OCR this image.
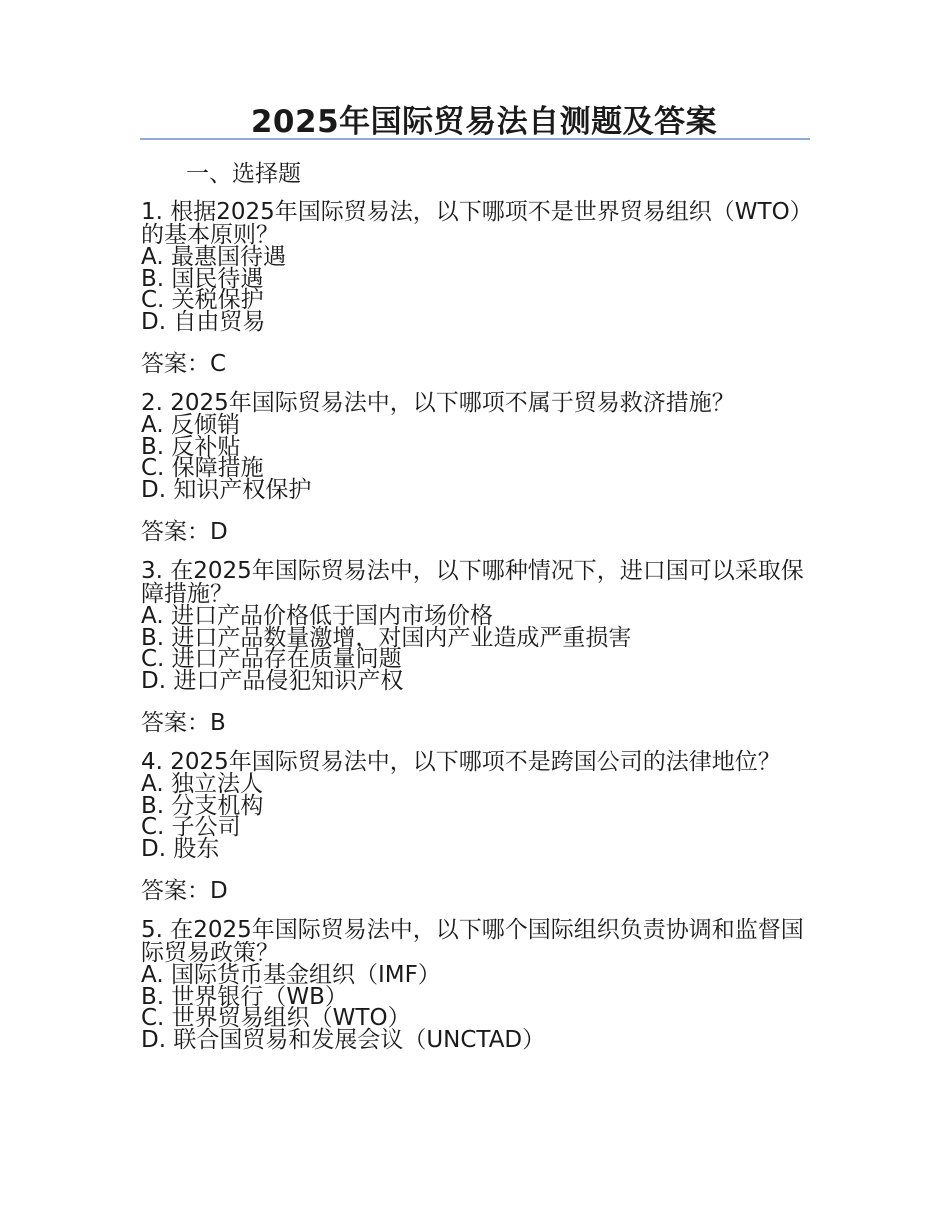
2025年国际贸易法自测题及答案
一、选择题
1. 根据2025年国际贸易法，以下哪项不是世界贸易组织（WTO）的基本原则？
A. 最惠国待遇
B. 国民待遇
C. 关税保护
D. 自由贸易
答案：C
2. 2025年国际贸易法中，以下哪项不属于贸易救济措施？
A. 反倾销
B. 反补贴
C. 保障措施
D. 知识产权保护
答案：D
3. 在2025年国际贸易法中，以下哪种情况下，进口国可以采取保障措施？
A. 进口产品价格低于国内市场价格
B. 进口产品数量激增，对国内产业造成严重损害
C. 进口产品存在质量问题
D. 进口产品侵犯知识产权
答案：B
4. 2025年国际贸易法中，以下哪项不是跨国公司的法律地位？
A. 独立法人
B. 分支机构
C. 子公司
D. 股东
答案：D
5. 在2025年国际贸易法中，以下哪个国际组织负责协调和监督国际贸易政策？
A. 国际货币基金组织（IMF）
B. 世界银行（WB）
C. 世界贸易组织（WTO）
D. 联合国贸易和发展会议（UNCTAD）
